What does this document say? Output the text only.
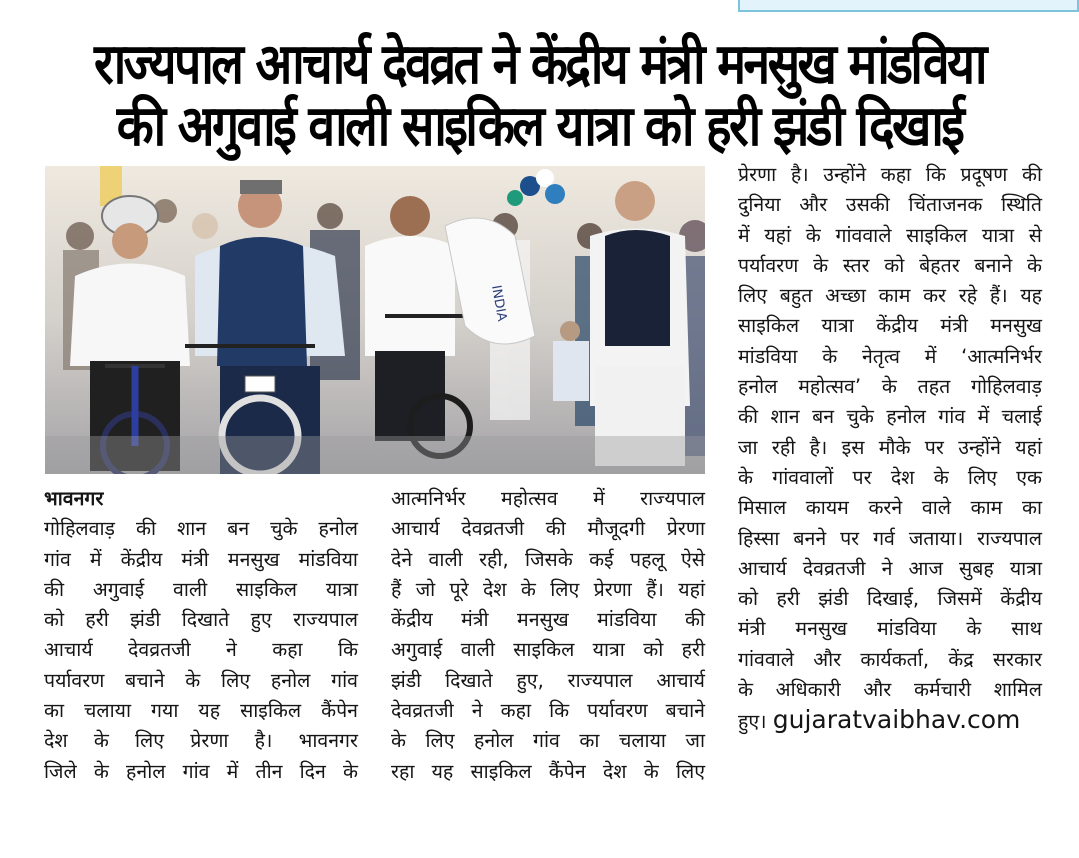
राज्यपाल आचार्य देवव्रत ने केंद्रीय मंत्री मनसुख मांडविया
की अगुवाई वाली साइकिल यात्रा को हरी झंडी दिखाई
INDIA
भावनगर
गोहिलवाड़ की शान बन चुके हनोल
गांव में केंद्रीय मंत्री मनसुख मांडविया
की अगुवाई वाली साइकिल यात्रा
को हरी झंडी दिखाते हुए राज्यपाल
आचार्य देवव्रतजी ने कहा कि
पर्यावरण बचाने के लिए हनोल गांव
का चलाया गया यह साइकिल कैंपेन
देश के लिए प्रेरणा है। भावनगर
जिले के हनोल गांव में तीन दिन के
आत्मनिर्भर महोत्सव में राज्यपाल
आचार्य देवव्रतजी की मौजूदगी प्रेरणा
देने वाली रही, जिसके कई पहलू ऐसे
हैं जो पूरे देश के लिए प्रेरणा हैं। यहां
केंद्रीय मंत्री मनसुख मांडविया की
अगुवाई वाली साइकिल यात्रा को हरी
झंडी दिखाते हुए, राज्यपाल आचार्य
देवव्रतजी ने कहा कि पर्यावरण बचाने
के लिए हनोल गांव का चलाया जा
रहा यह साइकिल कैंपेन देश के लिए
प्रेरणा है। उन्होंने कहा कि प्रदूषण की
दुनिया और उसकी चिंताजनक स्थिति
में यहां के गांववाले साइकिल यात्रा से
पर्यावरण के स्तर को बेहतर बनाने के
लिए बहुत अच्छा काम कर रहे हैं। यह
साइकिल यात्रा केंद्रीय मंत्री मनसुख
मांडविया के नेतृत्व में ‘आत्मनिर्भर
हनोल महोत्सव’ के तहत गोहिलवाड़
की शान बन चुके हनोल गांव में चलाई
जा रही है। इस मौके पर उन्होंने यहां
के गांववालों पर देश के लिए एक
मिसाल कायम करने वाले काम का
हिस्सा बनने पर गर्व जताया। राज्यपाल
आचार्य देवव्रतजी ने आज सुबह यात्रा
को हरी झंडी दिखाई, जिसमें केंद्रीय
मंत्री मनसुख मांडविया के साथ
गांववाले और कार्यकर्ता, केंद्र सरकार
के अधिकारी और कर्मचारी शामिल
हुए। gujaratvaibhav.com
